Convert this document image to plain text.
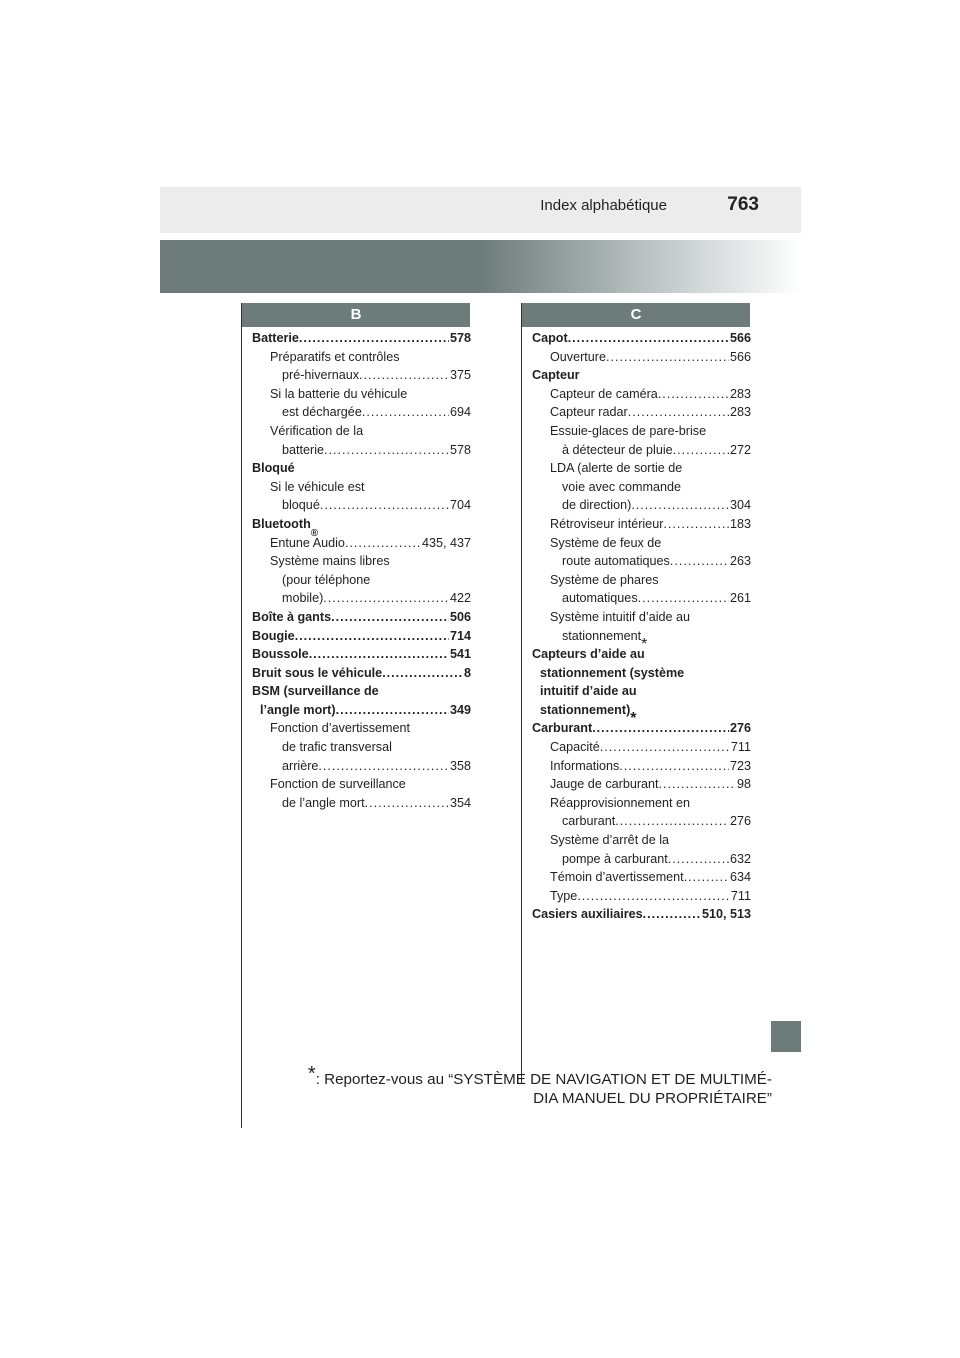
Index alphabétique	763
B	C
Batterie .....	578
Préparatifs et contrôles
pré-hivernaux .....	375
Si la batterie du véhicule
est déchargée .....	694
Vérification de la
batterie .....	578
Bloqué
Si le véhicule est
bloqué .....	704
Bluetooth
®
Entune Audio .....	435, 437
Système mains libres
(pour téléphone
mobile) .....	422
Boîte à gants .....	506
Bougie .....	714
Boussole .....	541
Bruit sous le véhicule .....	8
BSM (surveillance de
l’angle mort) .....	349
Fonction d’avertissement
de trafic transversal
arrière .....	358
Fonction de surveillance
de l’angle mort .....	354
Capot .....	566
Ouverture .....	566
Capteur
Capteur de caméra .....	283
Capteur radar .....	283
Essuie-glaces de pare-brise
à détecteur de pluie .....	272
LDA (alerte de sortie de
voie avec commande
de direction) .....	304
Rétroviseur intérieur .....	183
Système de feux de
route automatiques .....	263
Système de phares
automatiques .....	261
Système intuitif d’aide au
stationnement
*
Capteurs d’aide au
stationnement (système
intuitif d’aide au
stationnement)
*
Carburant .....	276
Capacité .....	711
Informations .....	723
Jauge de carburant .....	98
Réapprovisionnement en
carburant .....	276
Système d’arrêt de la
pompe à carburant .....	632
Témoin d’avertissement .....	634
Type .....	711
Casiers auxiliaires .....	510, 513
*: Reportez-vous au “SYSTÈME DE NAVIGATION ET DE MULTIMÉ-
DIA MANUEL DU PROPRIÉTAIRE”
